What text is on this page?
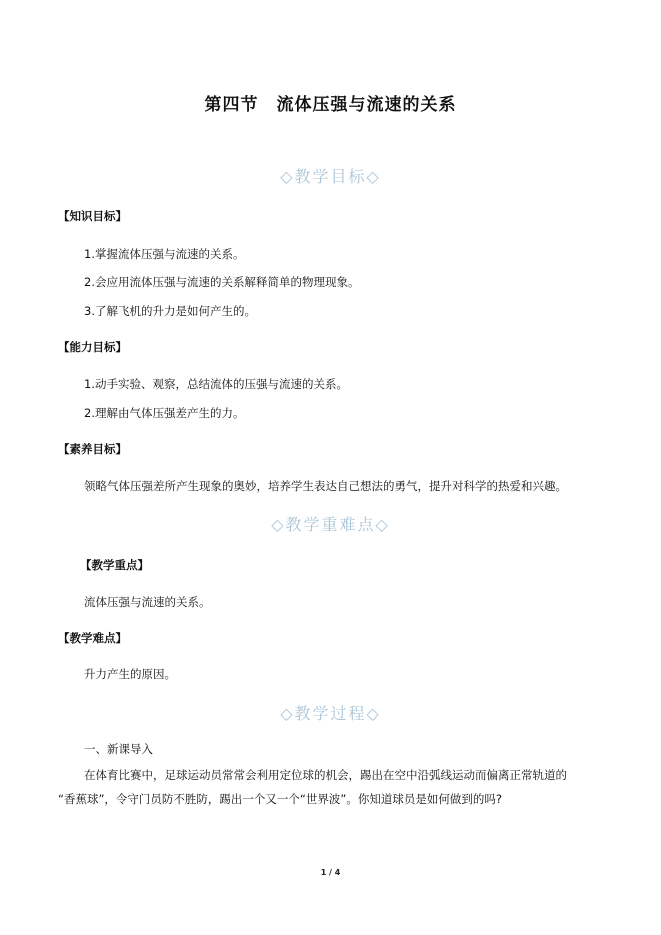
第四节 流体压强与流速的关系
◇教学目标◇
【知识目标】
1.掌握流体压强与流速的关系。
2.会应用流体压强与流速的关系解释简单的物理现象。
3.了解飞机的升力是如何产生的。
【能力目标】
1.动手实验、观察，总结流体的压强与流速的关系。
2.理解由气体压强差产生的力。
【素养目标】
领略气体压强差所产生现象的奥妙，培养学生表达自己想法的勇气，提升对科学的热爱和兴趣。
◇教学重难点◇
【教学重点】
流体压强与流速的关系。
【教学难点】
升力产生的原因。
◇教学过程◇
一、新课导入
在体育比赛中，足球运动员常常会利用定位球的机会，踢出在空中沿弧线运动而偏离正常轨道的
“香蕉球”，令守门员防不胜防，踢出一个又一个“世界波”。你知道球员是如何做到的吗?
1 / 4
